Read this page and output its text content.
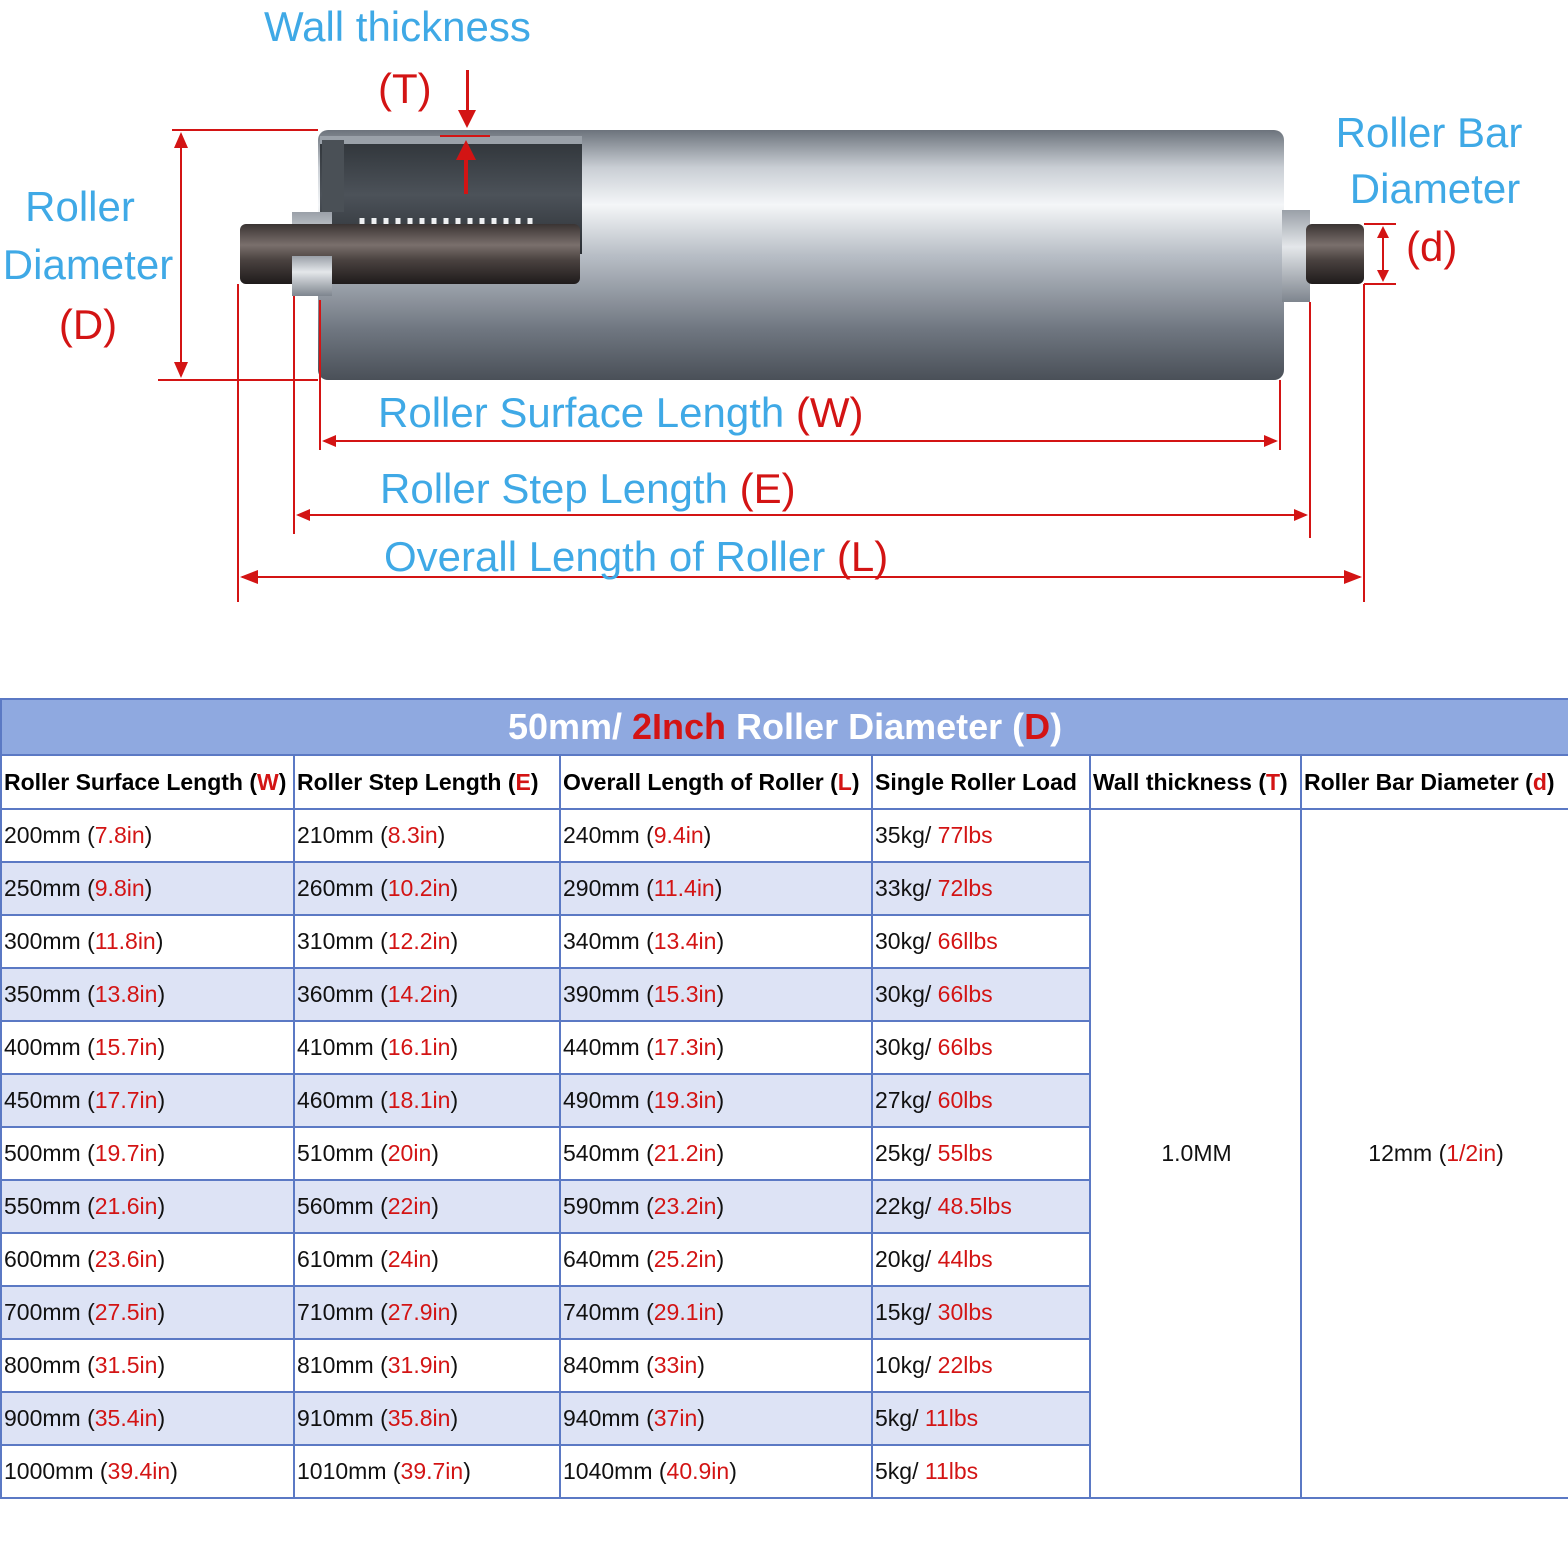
Wall thickness
(T)
Roller
Diameter
(D)
Roller Bar
Diameter
(d)
Roller Surface Length (W)
Roller Step Length (E)
Overall Length of Roller (L)
50mm/ 2Inch Roller Diameter (D)					
Roller Surface Length (W)	Roller Step Length (E)	Overall Length of Roller (L)	Single Roller Load	Wall thickness (T)	Roller Bar Diameter (d)
200mm (7.8in)	210mm (8.3in)	240mm (9.4in)	35kg/ 77lbs	1.0MM	12mm (1/2in)
250mm (9.8in)	260mm (10.2in)	290mm (11.4in)	33kg/ 72lbs		
300mm (11.8in)	310mm (12.2in)	340mm (13.4in)	30kg/ 66llbs		
350mm (13.8in)	360mm (14.2in)	390mm (15.3in)	30kg/ 66lbs		
400mm (15.7in)	410mm (16.1in)	440mm (17.3in)	30kg/ 66lbs		
450mm (17.7in)	460mm (18.1in)	490mm (19.3in)	27kg/ 60lbs		
500mm (19.7in)	510mm (20in)	540mm (21.2in)	25kg/ 55lbs		
550mm (21.6in)	560mm (22in)	590mm (23.2in)	22kg/ 48.5lbs		
600mm (23.6in)	610mm (24in)	640mm (25.2in)	20kg/ 44lbs		
700mm (27.5in)	710mm (27.9in)	740mm (29.1in)	15kg/ 30lbs		
800mm (31.5in)	810mm (31.9in)	840mm (33in)	10kg/ 22lbs		
900mm (35.4in)	910mm (35.8in)	940mm (37in)	5kg/ 11lbs		
1000mm (39.4in)	1010mm (39.7in)	1040mm (40.9in)	5kg/ 11lbs		
